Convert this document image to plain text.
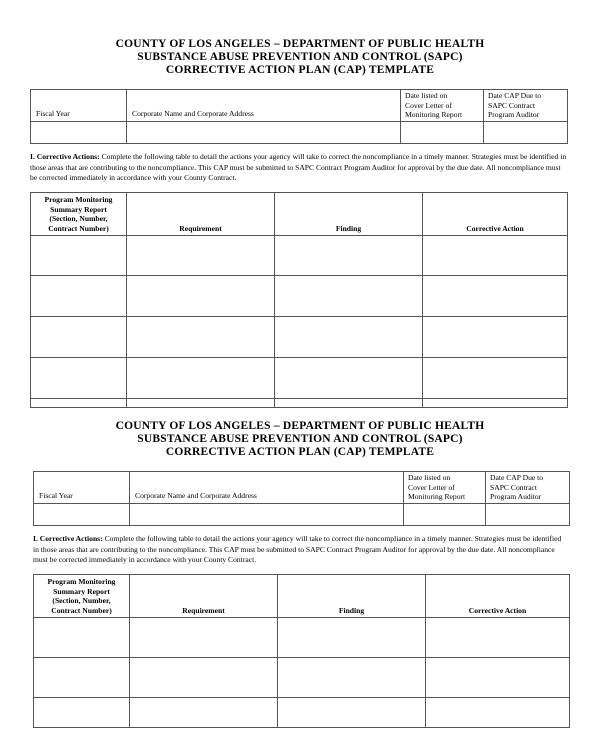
COUNTY OF LOS ANGELES – DEPARTMENT OF PUBLIC HEALTH
SUBSTANCE ABUSE PREVENTION AND CONTROL (SAPC)
CORRECTIVE ACTION PLAN (CAP) TEMPLATE
Fiscal Year	Corporate Name and Corporate Address	Date listed on
Cover Letter of
Monitoring Report	Date CAP Due to
SAPC Contract
Program Auditor

I. Corrective Actions: Complete the following table to detail the actions your agency will take to correct the noncompliance in a timely manner. Strategies must be identified in those areas that are contributing to the noncompliance. This CAP must be submitted to SAPC Contract Program Auditor for approval by the due date. All noncompliance must be corrected immediately in accordance with your County Contract.
Program Monitoring
Summary Report
(Section, Number,
Contract Number)	Requirement	Finding	Corrective Action

COUNTY OF LOS ANGELES – DEPARTMENT OF PUBLIC HEALTH
SUBSTANCE ABUSE PREVENTION AND CONTROL (SAPC)
CORRECTIVE ACTION PLAN (CAP) TEMPLATE
Fiscal Year	Corporate Name and Corporate Address	Date listed on
Cover Letter of
Monitoring Report	Date CAP Due to
SAPC Contract
Program Auditor

I. Corrective Actions: Complete the following table to detail the actions your agency will take to correct the noncompliance in a timely manner. Strategies must be identified in those areas that are contributing to the noncompliance. This CAP must be submitted to SAPC Contract Program Auditor for approval by the due date. All noncompliance must be corrected immediately in accordance with your County Contract.
Program Monitoring
Summary Report
(Section, Number,
Contract Number)	Requirement	Finding	Corrective Action
